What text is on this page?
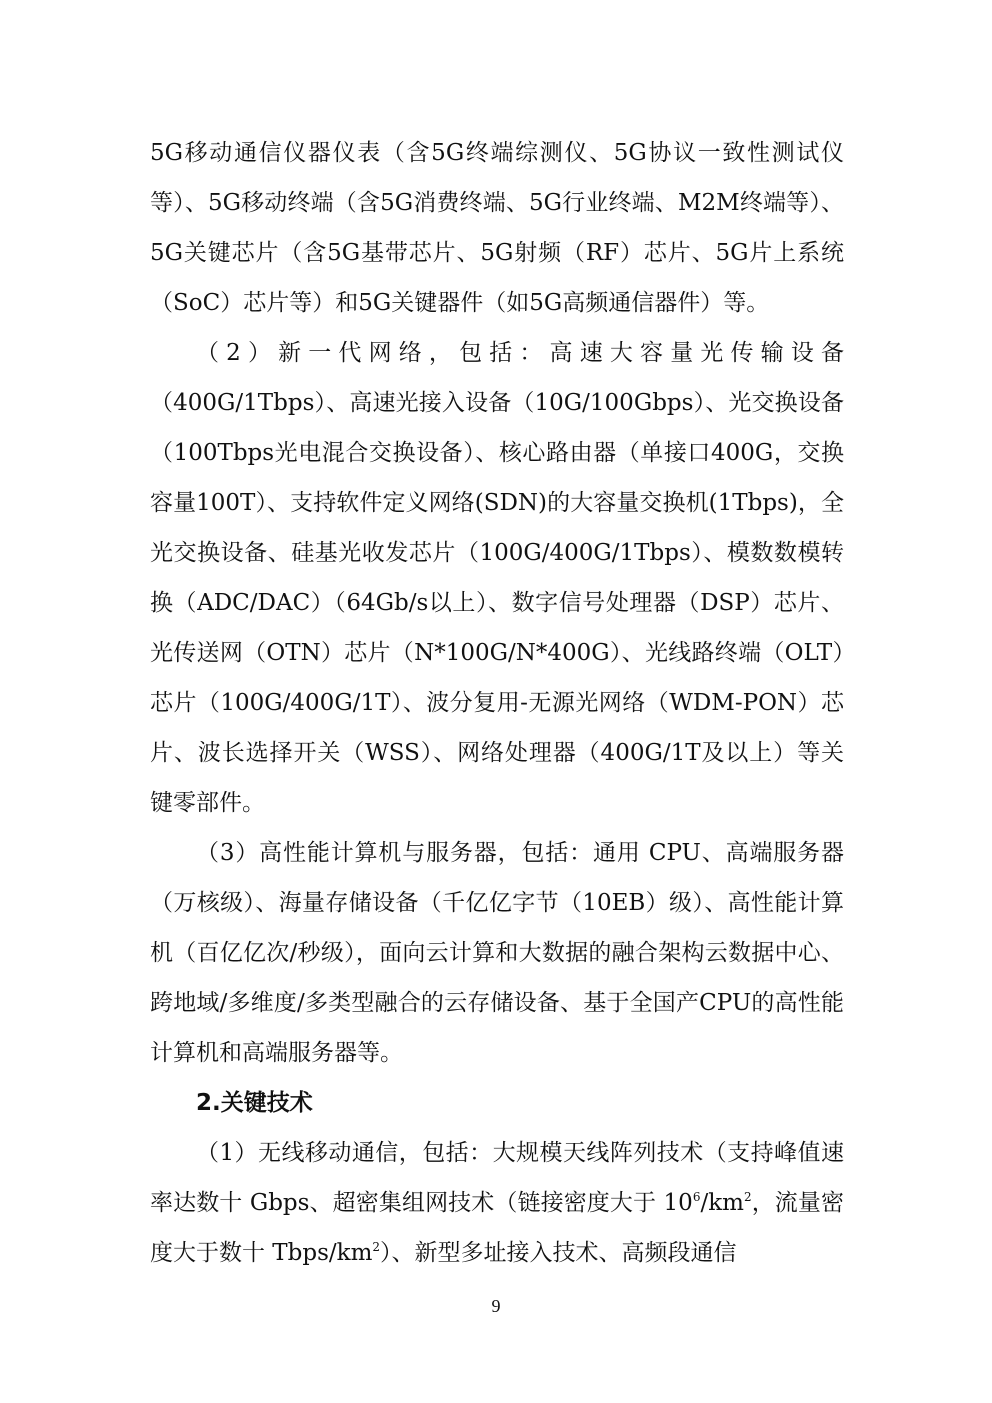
5G移动通信仪器仪表（含5G终端综测仪、5G协议一致性测试仪等）、5G移动终端（含5G消费终端、5G行业终端、M2M终端等）、5G关键芯片（含5G基带芯片、5G射频（RF）芯片、5G片上系统（SoC）芯片等）和5G关键器件（如5G高频通信器件）等。

（2）新一代网络，包括：高速大容量光传输设备（400G/1Tbps）、高速光接入设备（10G/100Gbps）、光交换设备（100Tbps光电混合交换设备）、核心路由器（单接口400G，交换容量100T）、支持软件定义网络(SDN)的大容量交换机(1Tbps)，全光交换设备、硅基光收发芯片（100G/400G/1Tbps）、模数数模转换（ADC/DAC）（64Gb/s以上）、数字信号处理器（DSP）芯片、光传送网（OTN）芯片（N*100G/N*400G）、光线路终端（OLT）芯片（100G/400G/1T）、波分复用-无源光网络（WDM-PON）芯片、波长选择开关（WSS）、网络处理器（400G/1T及以上）等关键零部件。

（3）高性能计算机与服务器，包括：通用 CPU、高端服务器（万核级）、海量存储设备（千亿亿字节（10EB）级）、高性能计算机（百亿亿次/秒级），面向云计算和大数据的融合架构云数据中心、跨地域/多维度/多类型融合的云存储设备、基于全国产CPU的高性能计算机和高端服务器等。

2.关键技术

（1）无线移动通信，包括：大规模天线阵列技术（支持峰值速率达数十 Gbps、超密集组网技术（链接密度大于 $10^6/km^2$，流量密度大于数十 Tbps/$km^2$）、新型多址接入技术、高频段通信

9
